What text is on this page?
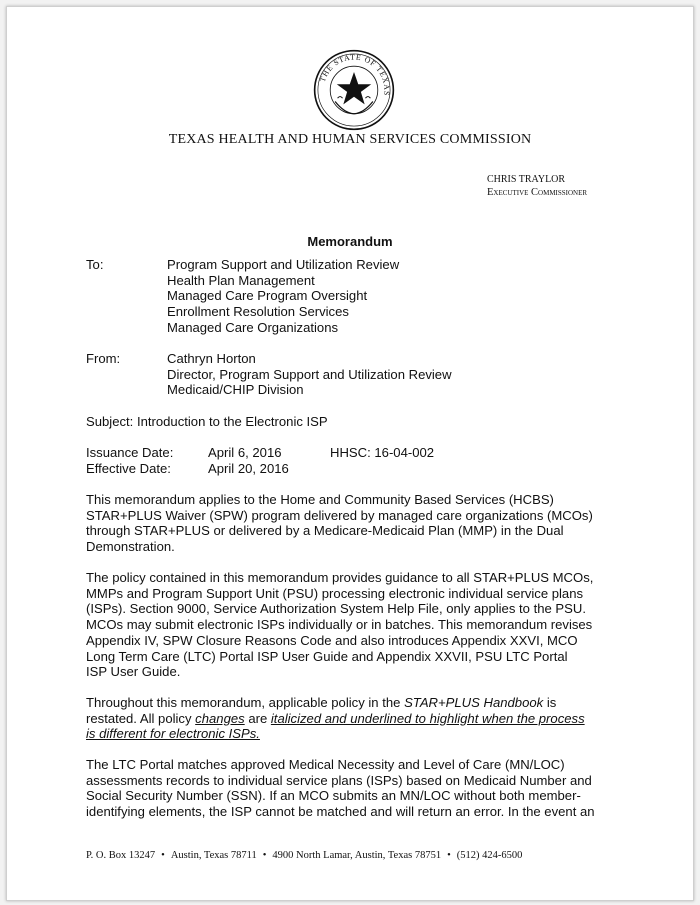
THE STATE OF TEXAS
TEXAS HEALTH AND HUMAN SERVICES COMMISSION
CHRIS TRAYLOR
Executive Commissioner
Memorandum
To:	Program Support and Utilization Review
Health Plan Management
Managed Care Program Oversight
Enrollment Resolution Services
Managed Care Organizations
From:	Cathryn Horton
Director, Program Support and Utilization Review
Medicaid/CHIP Division
Subject: Introduction to the Electronic ISP
Issuance Date:	April 6, 2016	HHSC: 16-04-002
Effective Date:	April 20, 2016
This memorandum applies to the Home and Community Based Services (HCBS)
STAR+PLUS Waiver (SPW) program delivered by managed care organizations (MCOs)
through STAR+PLUS or delivered by a Medicare-Medicaid Plan (MMP) in the Dual
Demonstration.
The policy contained in this memorandum provides guidance to all STAR+PLUS MCOs,
MMPs and Program Support Unit (PSU) processing electronic individual service plans
(ISPs). Section 9000, Service Authorization System Help File, only applies to the PSU.
MCOs may submit electronic ISPs individually or in batches. This memorandum revises
Appendix IV, SPW Closure Reasons Code and also introduces Appendix XXVI, MCO
Long Term Care (LTC) Portal ISP User Guide and Appendix XXVII, PSU LTC Portal
ISP User Guide.
Throughout this memorandum, applicable policy in the STAR+PLUS Handbook is
restated. All policy changes are italicized and underlined to highlight when the process
is different for electronic ISPs.
The LTC Portal matches approved Medical Necessity and Level of Care (MN/LOC)
assessments records to individual service plans (ISPs) based on Medicaid Number and
Social Security Number (SSN). If an MCO submits an MN/LOC without both member-
identifying elements, the ISP cannot be matched and will return an error. In the event an
P. O. Box 13247 • Austin, Texas 78711 • 4900 North Lamar, Austin, Texas 78751 • (512) 424-6500
